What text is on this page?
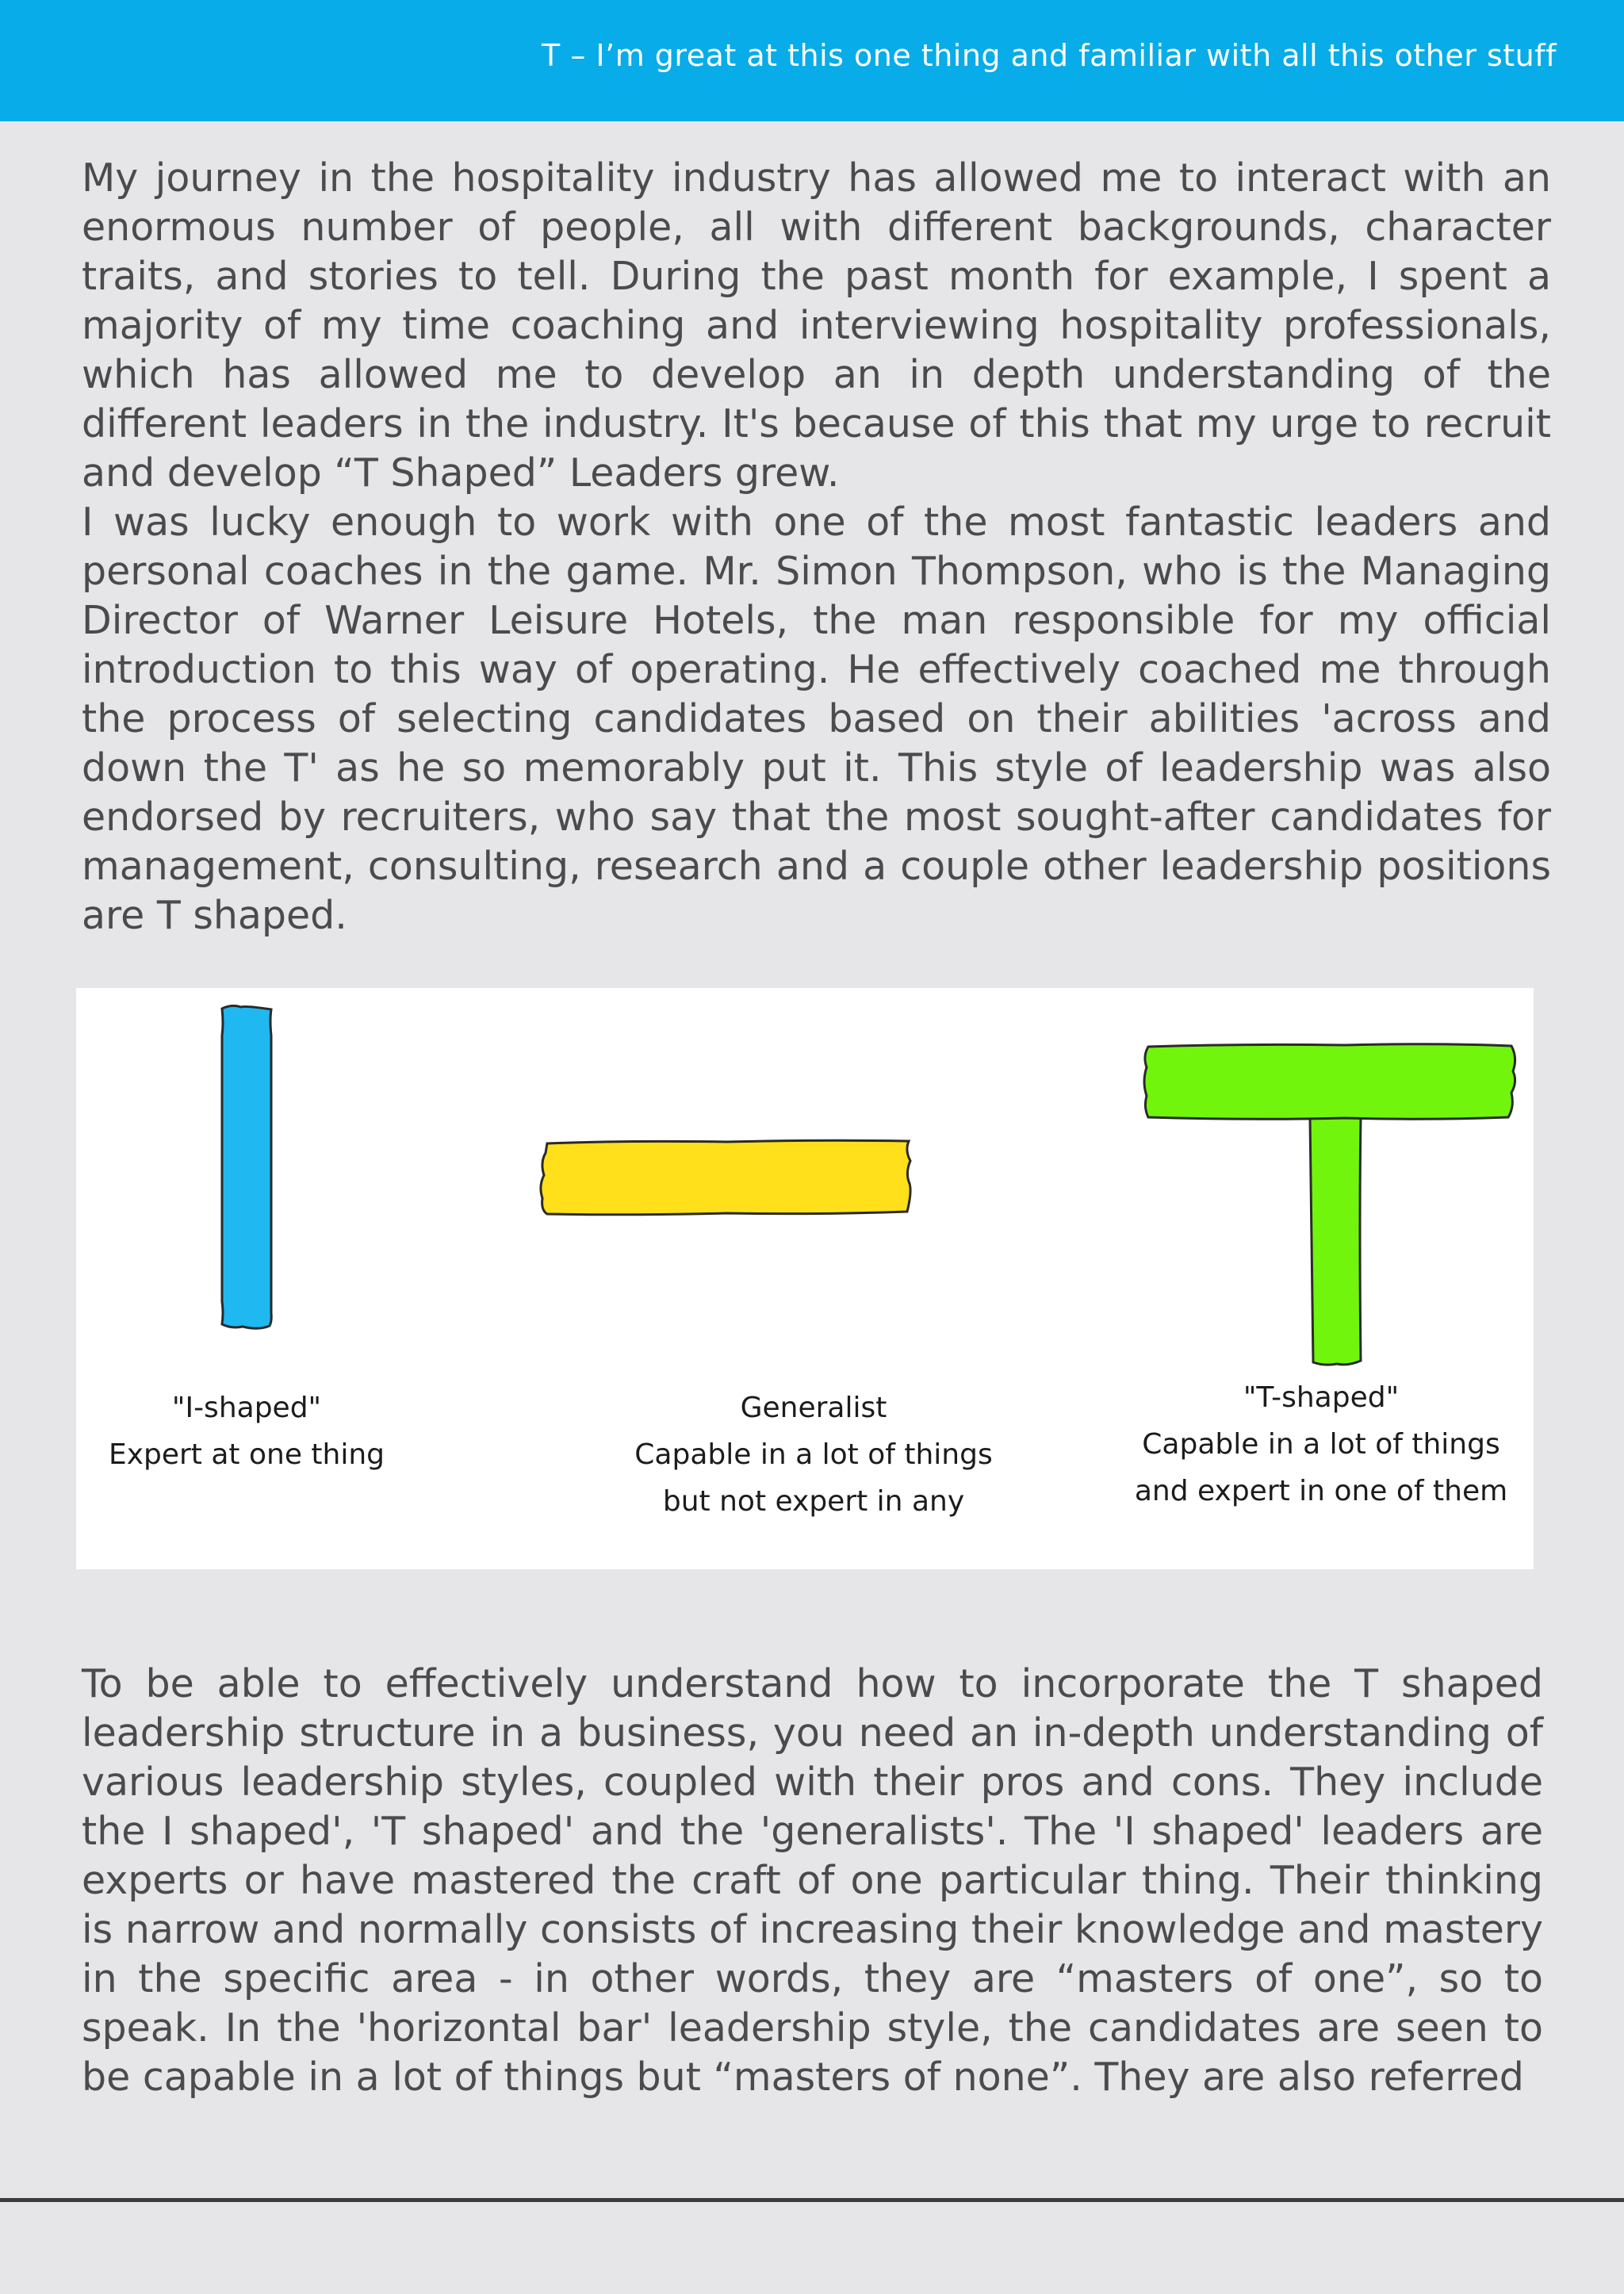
T – I’m great at this one thing and familiar with all this other stuff
My journey in the hospitality industry has allowed me to interact with an enormous number of people, all with different backgrounds, character traits, and stories to tell. During the past month for example, I spent a majority of my time coaching and interviewing hospitality professionals, which has allowed me to develop an in depth understanding of the different leaders in the industry. It's because of this that my urge to recruit and develop “T Shaped” Leaders grew.
I was lucky enough to work with one of the most fantastic leaders and personal coaches in the game. Mr. Simon Thompson, who is the Managing Director of Warner Leisure Hotels, the man responsible for my official introduction to this way of operating. He effectively coached me through the process of selecting candidates based on their abilities 'across and down the T' as he so memorably put it. This style of leadership was also endorsed by recruiters, who say that the most sought-after candidates for management, consulting, research and a couple other leadership positions are T shaped.
"I-shaped"
Expert at one thing
Generalist
Capable in a lot of things
but not expert in any
"T-shaped"
Capable in a lot of things
and expert in one of them
To be able to effectively understand how to incorporate the T shaped leadership structure in a business, you need an in-depth understanding of various leadership styles, coupled with their pros and cons. They include the I shaped', 'T shaped' and the 'generalists'. The 'I shaped' leaders are experts or have mastered the craft of one particular thing. Their thinking is narrow and normally consists of increasing their knowledge and mastery in the specific area - in other words, they are “masters of one”, so to speak. In the 'horizontal bar' leadership style, the candidates are seen to be capable in a lot of things but “masters of none”. They are also referred
